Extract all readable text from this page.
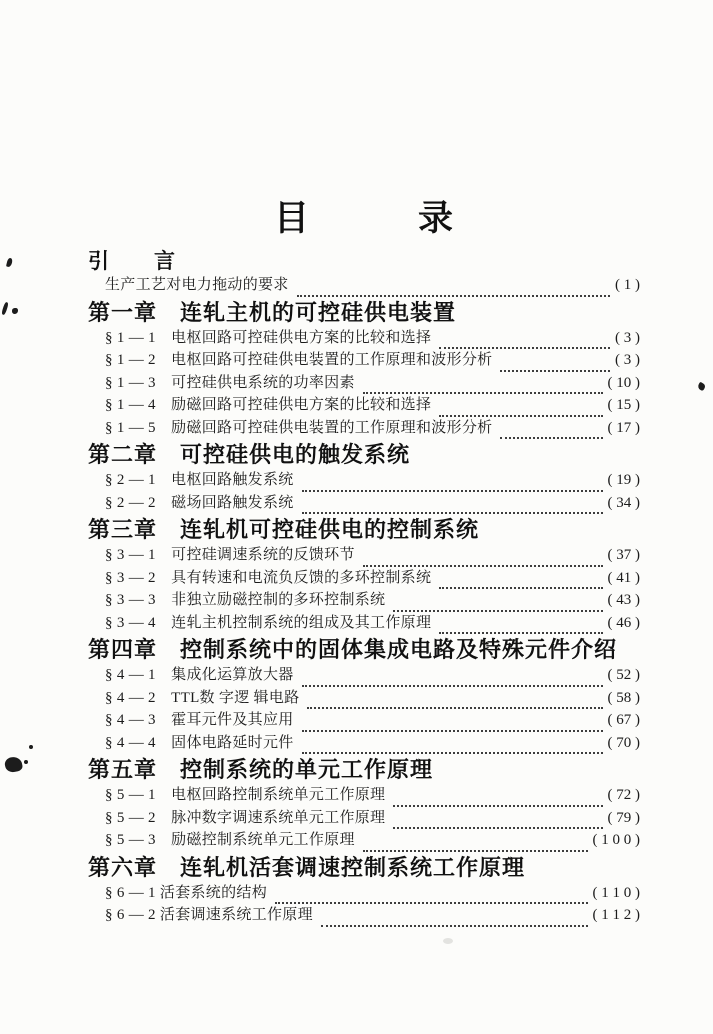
目　　　录
引　　言
生产工艺对电力拖动的要求	( 1 )
第一章　连轧主机的可控硅供电装置
§ 1 — 1　电枢回路可控硅供电方案的比较和选择	( 3 )
§ 1 — 2　电枢回路可控硅供电装置的工作原理和波形分析	( 3 )
§ 1 — 3　可控硅供电系统的功率因素	( 10 )
§ 1 — 4　励磁回路可控硅供电方案的比较和选择	( 15 )
§ 1 — 5　励磁回路可控硅供电装置的工作原理和波形分析	( 17 )
第二章　可控硅供电的触发系统
§ 2 — 1　电枢回路触发系统	( 19 )
§ 2 — 2　磁场回路触发系统	( 34 )
第三章　连轧机可控硅供电的控制系统
§ 3 — 1　可控硅调速系统的反馈环节	( 37 )
§ 3 — 2　具有转速和电流负反馈的多环控制系统	( 41 )
§ 3 — 3　非独立励磁控制的多环控制系统	( 43 )
§ 3 — 4　连轧主机控制系统的组成及其工作原理	( 46 )
第四章　控制系统中的固体集成电路及特殊元件介绍
§ 4 — 1　集成化运算放大器	( 52 )
§ 4 — 2　TTL数 字逻 辑电路	( 58 )
§ 4 — 3　霍耳元件及其应用	( 67 )
§ 4 — 4　固体电路延时元件	( 70 )
第五章　控制系统的单元工作原理
§ 5 — 1　电枢回路控制系统单元工作原理	( 72 )
§ 5 — 2　脉冲数字调速系统单元工作原理	( 79 )
§ 5 — 3　励磁控制系统单元工作原理	( 1 0 0 )
第六章　连轧机活套调速控制系统工作原理
§ 6 — 1 活套系统的结构	( 1 1 0 )
§ 6 — 2 活套调速系统工作原理	( 1 1 2 )
